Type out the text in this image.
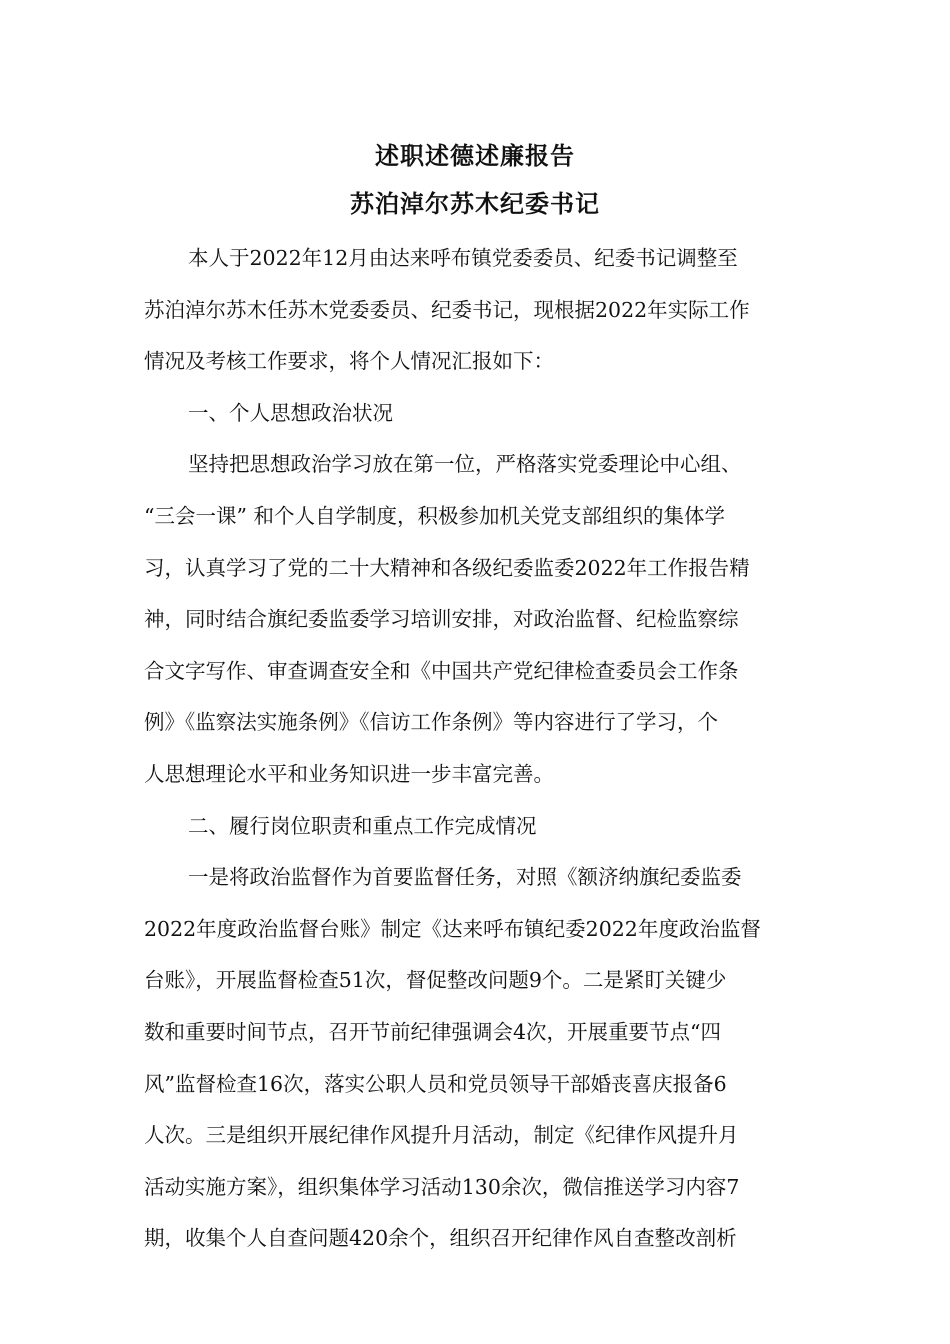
述职述德述廉报告
苏泊淖尔苏木纪委书记
本人于2022年12月由达来呼布镇党委委员、纪委书记调整至
苏泊淖尔苏木任苏木党委委员、纪委书记，现根据2022年实际工作
情况及考核工作要求，将个人情况汇报如下：
一、个人思想政治状况
坚持把思想政治学习放在第一位，严格落实党委理论中心组、
“三会一课” 和个人自学制度，积极参加机关党支部组织的集体学
习，认真学习了党的二十大精神和各级纪委监委2022年工作报告精
神，同时结合旗纪委监委学习培训安排，对政治监督、纪检监察综
合文字写作、审查调查安全和《中国共产党纪律检查委员会工作条
例》《监察法实施条例》《信访工作条例》等内容进行了学习，个
人思想理论水平和业务知识进一步丰富完善。
二、履行岗位职责和重点工作完成情况
一是将政治监督作为首要监督任务，对照《额济纳旗纪委监委
2022年度政治监督台账》制定《达来呼布镇纪委2022年度政治监督
台账》，开展监督检查51次，督促整改问题9个。二是紧盯关键少
数和重要时间节点，召开节前纪律强调会4次，开展重要节点“四
风”监督检查16次，落实公职人员和党员领导干部婚丧喜庆报备6
人次。三是组织开展纪律作风提升月活动，制定《纪律作风提升月
活动实施方案》，组织集体学习活动130余次，微信推送学习内容7
期，收集个人自查问题420余个，组织召开纪律作风自查整改剖析
